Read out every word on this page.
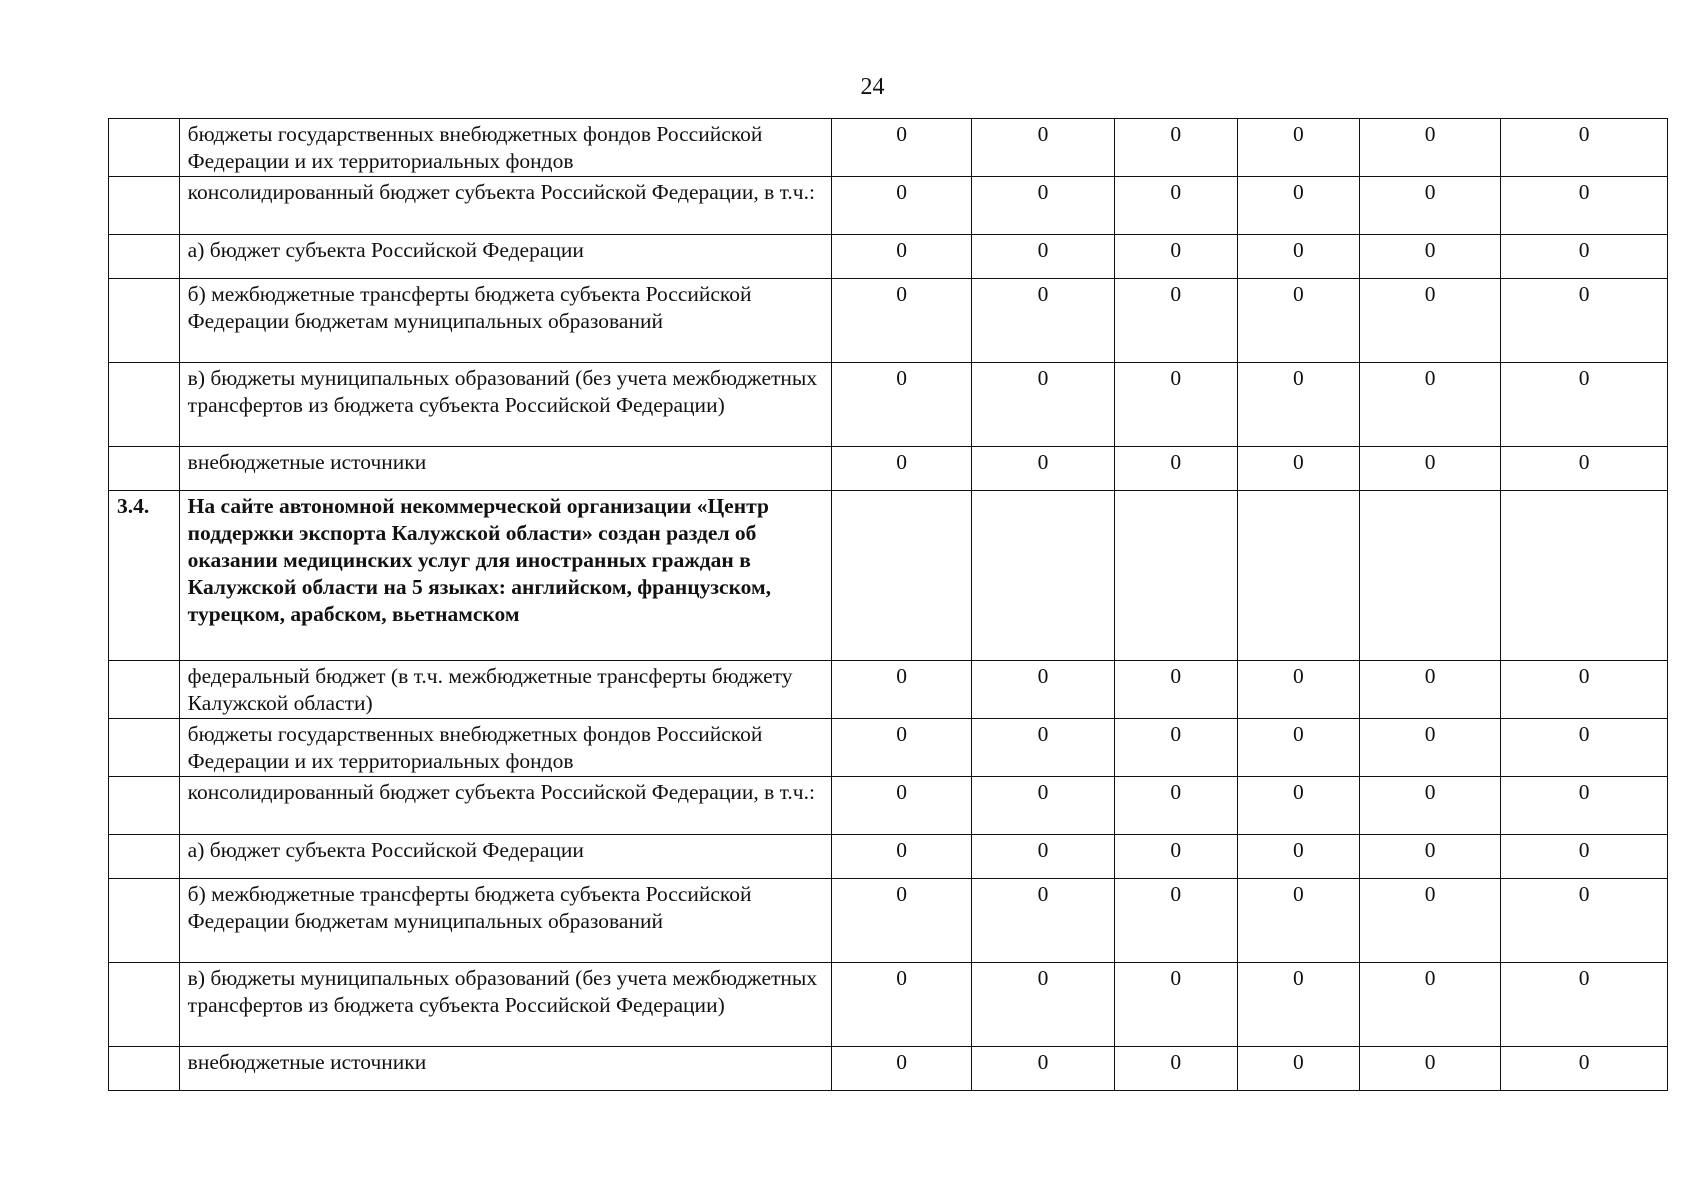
24
	бюджеты государственных внебюджетных фондов Российской Федерации и их территориальных фондов	0	0	0	0	0	0
	консолидированный бюджет субъекта Российской Федерации, в т.ч.:	0	0	0	0	0	0
	а) бюджет субъекта Российской Федерации	0	0	0	0	0	0
	б) межбюджетные трансферты бюджета субъекта Российской Федерации бюджетам муниципальных образований	0	0	0	0	0	0
	в) бюджеты муниципальных образований (без учета межбюджетных трансфертов из бюджета субъекта Российской Федерации)	0	0	0	0	0	0
	внебюджетные источники	0	0	0	0	0	0
3.4.	На сайте автономной некоммерческой организации «Центр поддержки экспорта Калужской области» создан раздел об оказании медицинских услуг для иностранных граждан в Калужской области на 5 языках: английском, французском, турецком, арабском, вьетнамском						
	федеральный бюджет (в т.ч. межбюджетные трансферты бюджету Калужской области)	0	0	0	0	0	0
	бюджеты государственных внебюджетных фондов Российской Федерации и их территориальных фондов	0	0	0	0	0	0
	консолидированный бюджет субъекта Российской Федерации, в т.ч.:	0	0	0	0	0	0
	а) бюджет субъекта Российской Федерации	0	0	0	0	0	0
	б) межбюджетные трансферты бюджета субъекта Российской Федерации бюджетам муниципальных образований	0	0	0	0	0	0
	в) бюджеты муниципальных образований (без учета межбюджетных трансфертов из бюджета субъекта Российской Федерации)	0	0	0	0	0	0
	внебюджетные источники	0	0	0	0	0	0
